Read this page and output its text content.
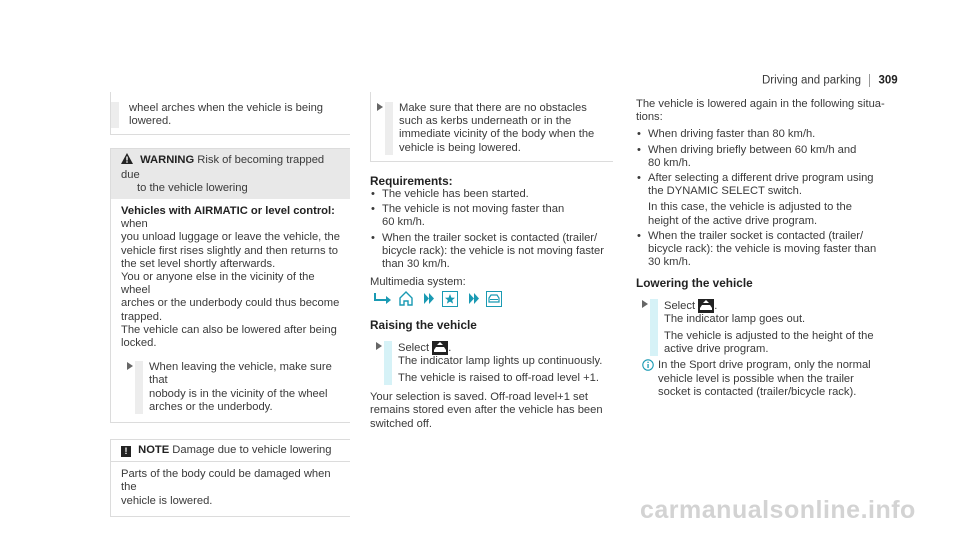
Driving and parking 309

wheel arches when the vehicle is being

lowered.

WARNING Risk of becoming trapped due
to the vehicle lowering

Vehicles with AIRMATIC or level control: when

you unload luggage or leave the vehicle, the

vehicle first rises slightly and then returns to

the set level shortly afterwards.

You or anyone else in the vicinity of the wheel

arches or the underbody could thus become

trapped.

The vehicle can also be lowered after being

locked.

When leaving the vehicle, make sure that

nobody is in the vicinity of the wheel

arches or the underbody.

! NOTE Damage due to vehicle lowering

Parts of the body could be damaged when the

vehicle is lowered.

Make sure that there are no obstacles

such as kerbs underneath or in the

immediate vicinity of the body when the

vehicle is being lowered.

Requirements:

• The vehicle has been started.

• The vehicle is not moving faster than

60 km/h.

• When the trailer socket is contacted (trailer/

bicycle rack): the vehicle is not moving faster

than 30 km/h.

Multimedia system:

Raising the vehicle

Select .

The indicator lamp lights up continuously.

The vehicle is raised to off-road level +1.

Your selection is saved. Off-road level+1 set

remains stored even after the vehicle has been

switched off.

The vehicle is lowered again in the following situa-

tions:

• When driving faster than 80 km/h.

• When driving briefly between 60 km/h and

80 km/h.

• After selecting a different drive program using

the DYNAMIC SELECT switch.

In this case, the vehicle is adjusted to the

height of the active drive program.

• When the trailer socket is contacted (trailer/

bicycle rack): the vehicle is moving faster than

30 km/h.

Lowering the vehicle

Select .

The indicator lamp goes out.

The vehicle is adjusted to the height of the

active drive program.

In the Sport drive program, only the normal

vehicle level is possible when the trailer

socket is contacted (trailer/bicycle rack).

carmanualsonline.info
